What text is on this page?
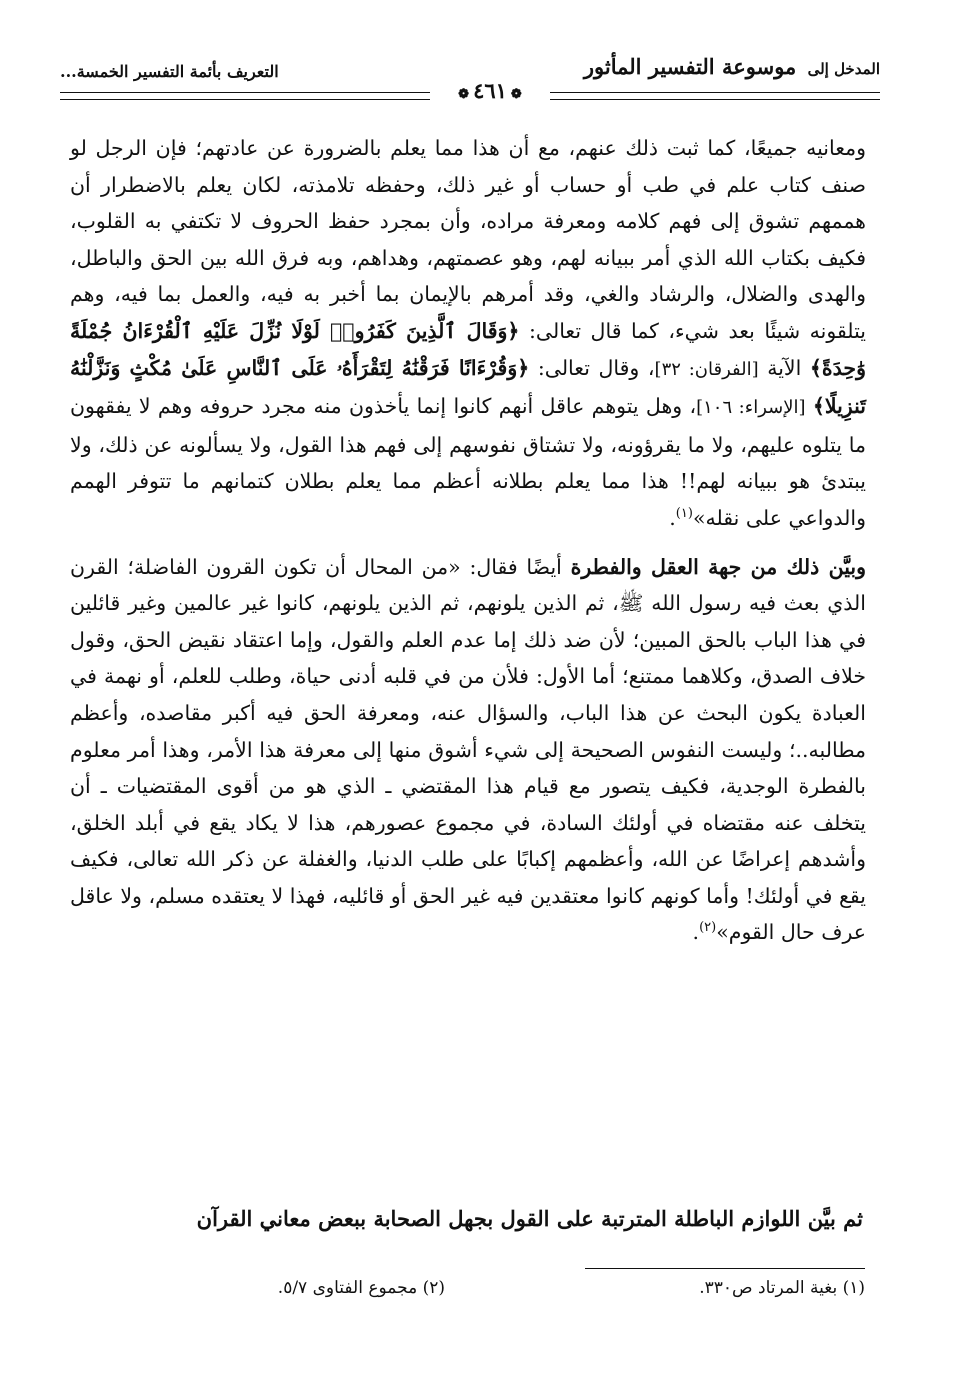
المدخل إلى موسوعة التفسير المأثور
التعريف بأئمة التفسير الخمسة...
❁٤٦١❁

ومعانيه جميعًا، كما ثبت ذلك عنهم، مع أن هذا مما يعلم بالضرورة عن عادتهم؛ فإن الرجل لو صنف كتاب علم في طب أو حساب أو غير ذلك، وحفظه تلامذته، لكان يعلم بالاضطرار أن هممهم تشوق إلى فهم كلامه ومعرفة مراده، وأن بمجرد حفظ الحروف لا تكتفي به القلوب، فكيف بكتاب الله الذي أمر ببيانه لهم، وهو عصمتهم، وهداهم، وبه فرق الله بين الحق والباطل، والهدى والضلال، والرشاد والغي، وقد أمرهم بالإيمان بما أخبر به فيه، والعمل بما فيه، وهم يتلقونه شيئًا بعد شيء، كما قال تعالى: ﴿وَقَالَ ٱلَّذِينَ كَفَرُوا۟ لَوْلَا نُزِّلَ عَلَيْهِ ٱلْقُرْءَانُ جُمْلَةً وَٰحِدَةً﴾ الآية [الفرقان: ٣٢]، وقال تعالى: ﴿وَقُرْءَانًا فَرَقْنَٰهُ لِتَقْرَأَهُۥ عَلَى ٱلنَّاسِ عَلَىٰ مُكْثٍ وَنَزَّلْنَٰهُ تَنزِيلًا﴾ [الإسراء: ١٠٦]، وهل يتوهم عاقل أنهم كانوا إنما يأخذون منه مجرد حروفه وهم لا يفقهون ما يتلوه عليهم، ولا ما يقرؤونه، ولا تشتاق نفوسهم إلى فهم هذا القول، ولا يسألونه عن ذلك، ولا يبتدئ هو ببيانه لهم!! هذا مما يعلم بطلانه أعظم مما يعلم بطلان كتمانهم ما تتوفر الهمم والدواعي على نقله»$^{(١)}$.

وبيَّن ذلك من جهة العقل والفطرة أيضًا فقال: «من المحال أن تكون القرون الفاضلة؛ القرن الذي بعث فيه رسول الله ﷺ، ثم الذين يلونهم، ثم الذين يلونهم، كانوا غير عالمين وغير قائلين في هذا الباب بالحق المبين؛ لأن ضد ذلك إما عدم العلم والقول، وإما اعتقاد نقيض الحق، وقول خلاف الصدق، وكلاهما ممتنع؛ أما الأول: فلأن من في قلبه أدنى حياة، وطلب للعلم، أو نهمة في العبادة يكون البحث عن هذا الباب، والسؤال عنه، ومعرفة الحق فيه أكبر مقاصده، وأعظم مطالبه..؛ وليست النفوس الصحيحة إلى شيء أشوق منها إلى معرفة هذا الأمر، وهذا أمر معلوم بالفطرة الوجدية، فكيف يتصور مع قيام هذا المقتضي ـ الذي هو من أقوى المقتضيات ـ أن يتخلف عنه مقتضاه في أولئك السادة، في مجموع عصورهم، هذا لا يكاد يقع في أبلد الخلق، وأشدهم إعراضًا عن الله، وأعظمهم إكبابًا على طلب الدنيا، والغفلة عن ذكر الله تعالى، فكيف يقع في أولئك! وأما كونهم كانوا معتقدين فيه غير الحق أو قائليه، فهذا لا يعتقده مسلم، ولا عاقل عرف حال القوم»$^{(٢)}$.

ثم بيَّن اللوازم الباطلة المترتبة على القول بجهل الصحابة ببعض معاني القرآن
(١) بغية المرتاد ص٣٣٠.
(٢) مجموع الفتاوى ٥/٧.
